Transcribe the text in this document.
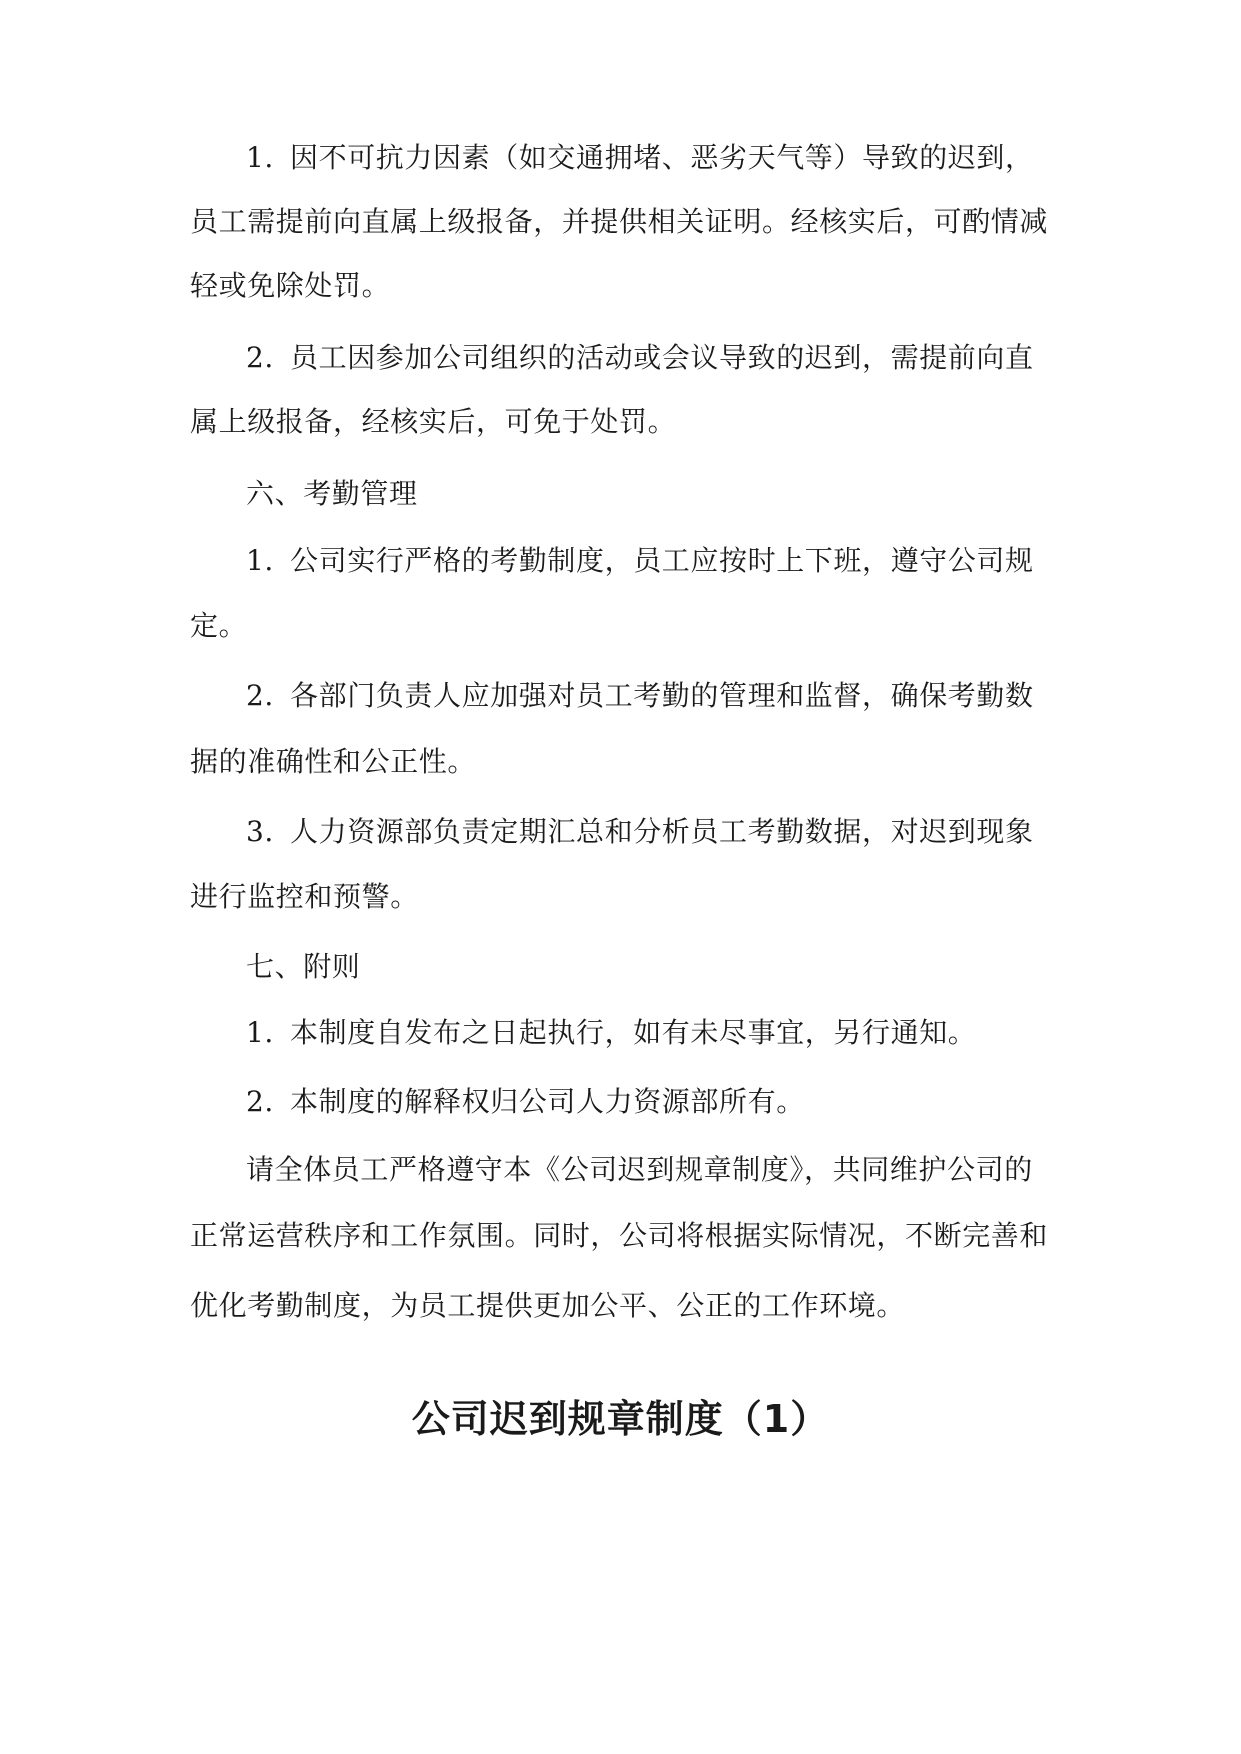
1. 因不可抗力因素（如交通拥堵、恶劣天气等）导致的迟到，
员工需提前向直属上级报备，并提供相关证明。经核实后，可酌情减
轻或免除处罚。
2. 员工因参加公司组织的活动或会议导致的迟到，需提前向直
属上级报备，经核实后，可免于处罚。
六、考勤管理
1. 公司实行严格的考勤制度，员工应按时上下班，遵守公司规
定。
2. 各部门负责人应加强对员工考勤的管理和监督，确保考勤数
据的准确性和公正性。
3. 人力资源部负责定期汇总和分析员工考勤数据，对迟到现象
进行监控和预警。
七、附则
1. 本制度自发布之日起执行，如有未尽事宜，另行通知。
2. 本制度的解释权归公司人力资源部所有。
请全体员工严格遵守本《公司迟到规章制度》，共同维护公司的
正常运营秩序和工作氛围。同时，公司将根据实际情况，不断完善和
优化考勤制度，为员工提供更加公平、公正的工作环境。
公司迟到规章制度（1）
